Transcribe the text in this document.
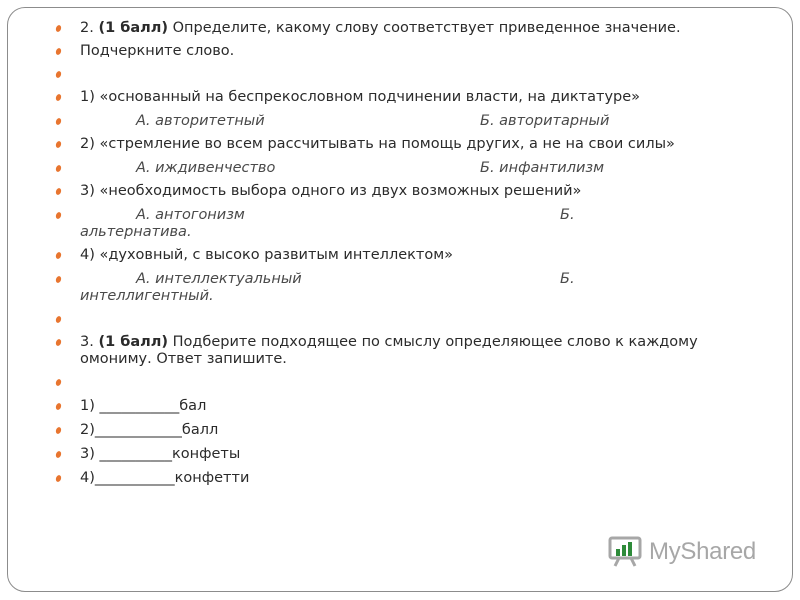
2. (1 балл) Определите, какому слову соответствует приведенное значение.
Подчеркните слово.
1) «основанный на беспрекословном подчинении власти, на диктатуре»
А. авторитетный	Б. авторитарный
2) «стремление во всем рассчитывать на помощь других, а не на свои силы»
А. иждивенчество	Б. инфантилизм
3) «необходимость выбора одного из двух возможных решений»
А. антогонизм	Б.
альтернатива.
4) «духовный, с высоко развитым интеллектом»
А. интеллектуальный	Б.
интеллигентный.
3. (1 балл) Подберите подходящее по смыслу определяющее слово к каждому
омониму. Ответ запишите.
1) ___________бал
2)____________балл
3) __________конфеты
4)___________конфетти
MyShared
